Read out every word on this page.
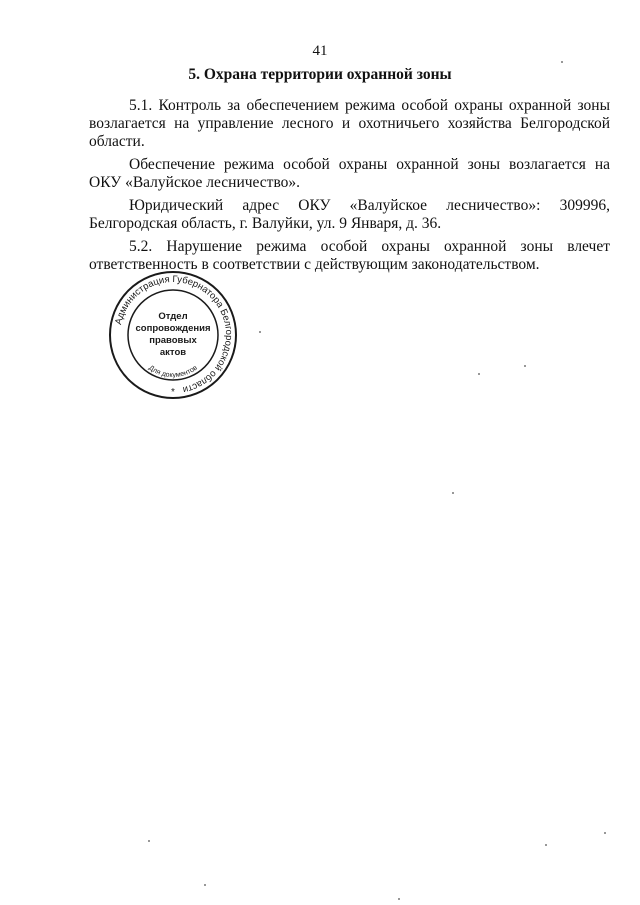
41
5. Охрана территории охранной зоны

5.1. Контроль за обеспечением режима особой охраны охранной зоны возлагается на управление лесного и охотничьего хозяйства Белгородской области.

Обеспечение режима особой охраны охранной зоны возлагается на ОКУ «Валуйское лесничество».

Юридический адрес ОКУ «Валуйское лесничество»: 309996, Белгородская область, г. Валуйки, ул. 9 Января, д. 36.

5.2. Нарушение режима особой охраны охранной зоны влечет ответственность в соответствии с действующим законодательством.

Администрация Губернатора Белгородской области
Для документов
Отдел
сопровождения
правовых
актов
*
